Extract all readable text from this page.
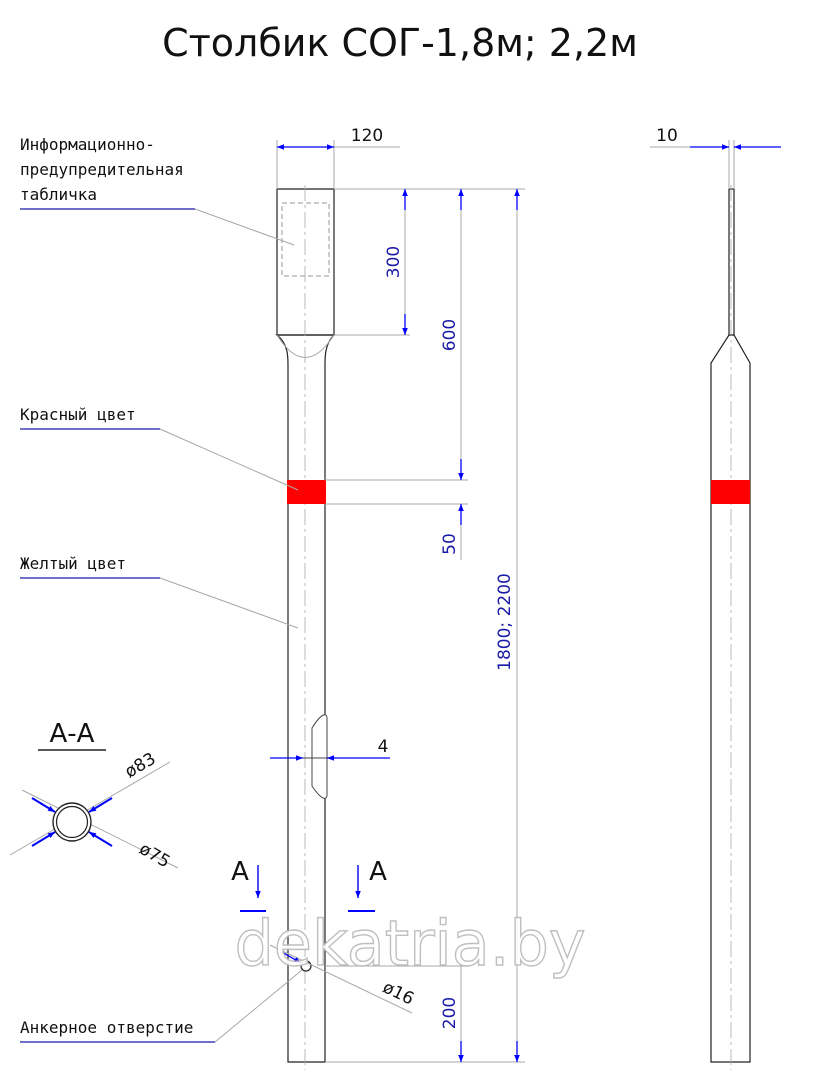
Столбик СОГ-1,8м; 2,2м
120	10
300
600
50
1800; 2200
200
4
ø16
Информационно-
предупредительная
табличка
Красный цвет
Желтый цвет
Анкерное отверстие
А-А
ø83
ø75 А	А
dekatria.by
